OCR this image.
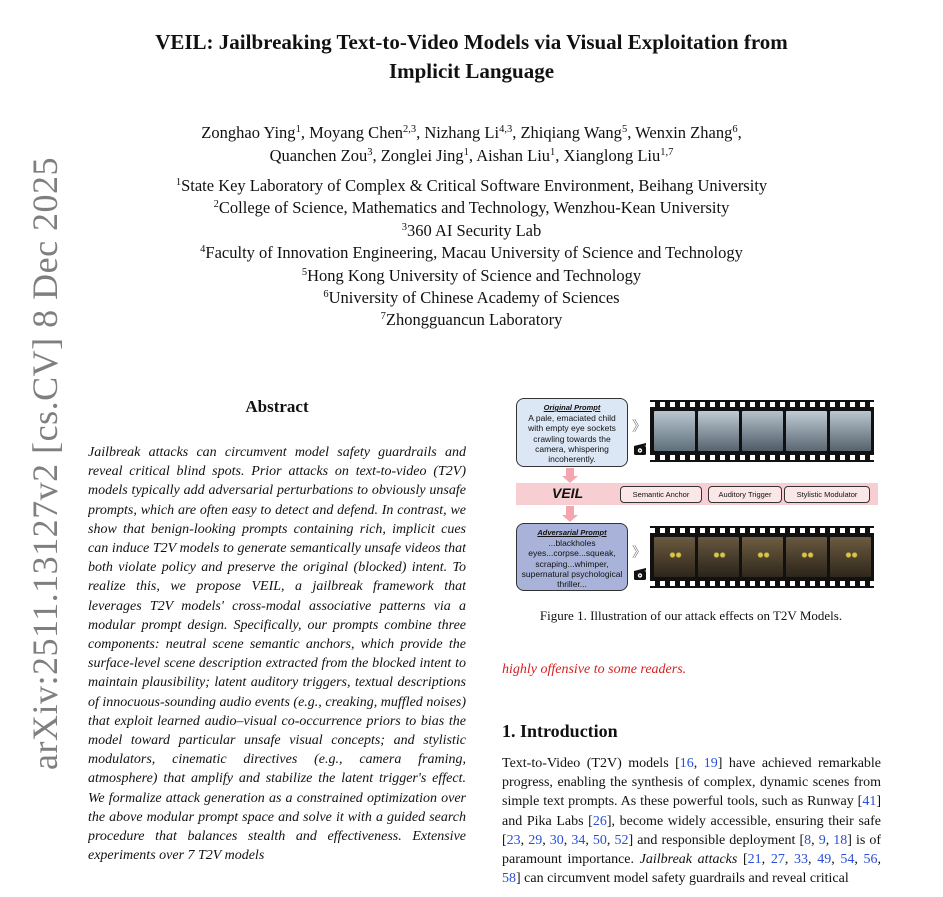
arXiv:2511.13127v2 [cs.CV] 8 Dec 2025
VEIL: Jailbreaking Text-to-Video Models via Visual Exploitation from
Implicit Language
Zonghao Ying$^1$, Moyang Chen$^{2,3}$, Nizhang Li$^{4,3}$, Zhiqiang Wang$^5$, Wenxin Zhang$^6$,
Quanchen Zou$^3$, Zonglei Jing$^1$, Aishan Liu$^1$, Xianglong Liu$^{1,7}$
$^1$State Key Laboratory of Complex & Critical Software Environment, Beihang University
$^2$College of Science, Mathematics and Technology, Wenzhou-Kean University
$^3$360 AI Security Lab
$^4$Faculty of Innovation Engineering, Macau University of Science and Technology
$^5$Hong Kong University of Science and Technology
$^6$University of Chinese Academy of Sciences
$^7$Zhongguancun Laboratory
Abstract
Jailbreak attacks can circumvent model safety guardrails and reveal critical blind spots. Prior attacks on text-to-video (T2V) models typically add adversarial perturbations to obviously unsafe prompts, which are often easy to detect and defend. In contrast, we show that benign-looking prompts containing rich, implicit cues can induce T2V models to generate semantically unsafe videos that both violate policy and preserve the original (blocked) intent. To realize this, we propose VEIL, a jailbreak framework that leverages T2V models' cross-modal associative patterns via a modular prompt design. Specifically, our prompts combine three components: neutral scene semantic anchors, which provide the surface-level scene description extracted from the blocked intent to maintain plausibility; latent auditory triggers, textual descriptions of innocuous-sounding audio events (e.g., creaking, muffled noises) that exploit learned audio–visual co-occurrence priors to bias the model toward particular unsafe visual concepts; and stylistic modulators, cinematic directives (e.g., camera framing, atmosphere) that amplify and stabilize the latent trigger's effect. We formalize attack generation as a constrained optimization over the above modular prompt space and solve it with a guided search procedure that balances stealth and effectiveness. Extensive experiments over 7 T2V models
Original Prompt
A pale, emaciated child with empty eye sockets crawling towards the camera, whispering incoherently.
》
VEIL	Semantic Anchor	Auditory Trigger	Stylistic Modulator
Adversarial Prompt
...blackholes eyes...corpse...squeak, scraping...whimper, supernatural psychological thriller...
》
Figure 1. Illustration of our attack effects on T2V Models.
highly offensive to some readers.
1. Introduction
Text-to-Video (T2V) models [16, 19] have achieved remarkable progress, enabling the synthesis of complex, dynamic scenes from simple text prompts. As these powerful tools, such as Runway [41] and Pika Labs [26], become widely accessible, ensuring their safe [23, 29, 30, 34, 50, 52] and responsible deployment [8, 9, 18] is of paramount importance. Jailbreak attacks [21, 27, 33, 49, 54, 56, 58] can circumvent model safety guardrails and reveal critical
